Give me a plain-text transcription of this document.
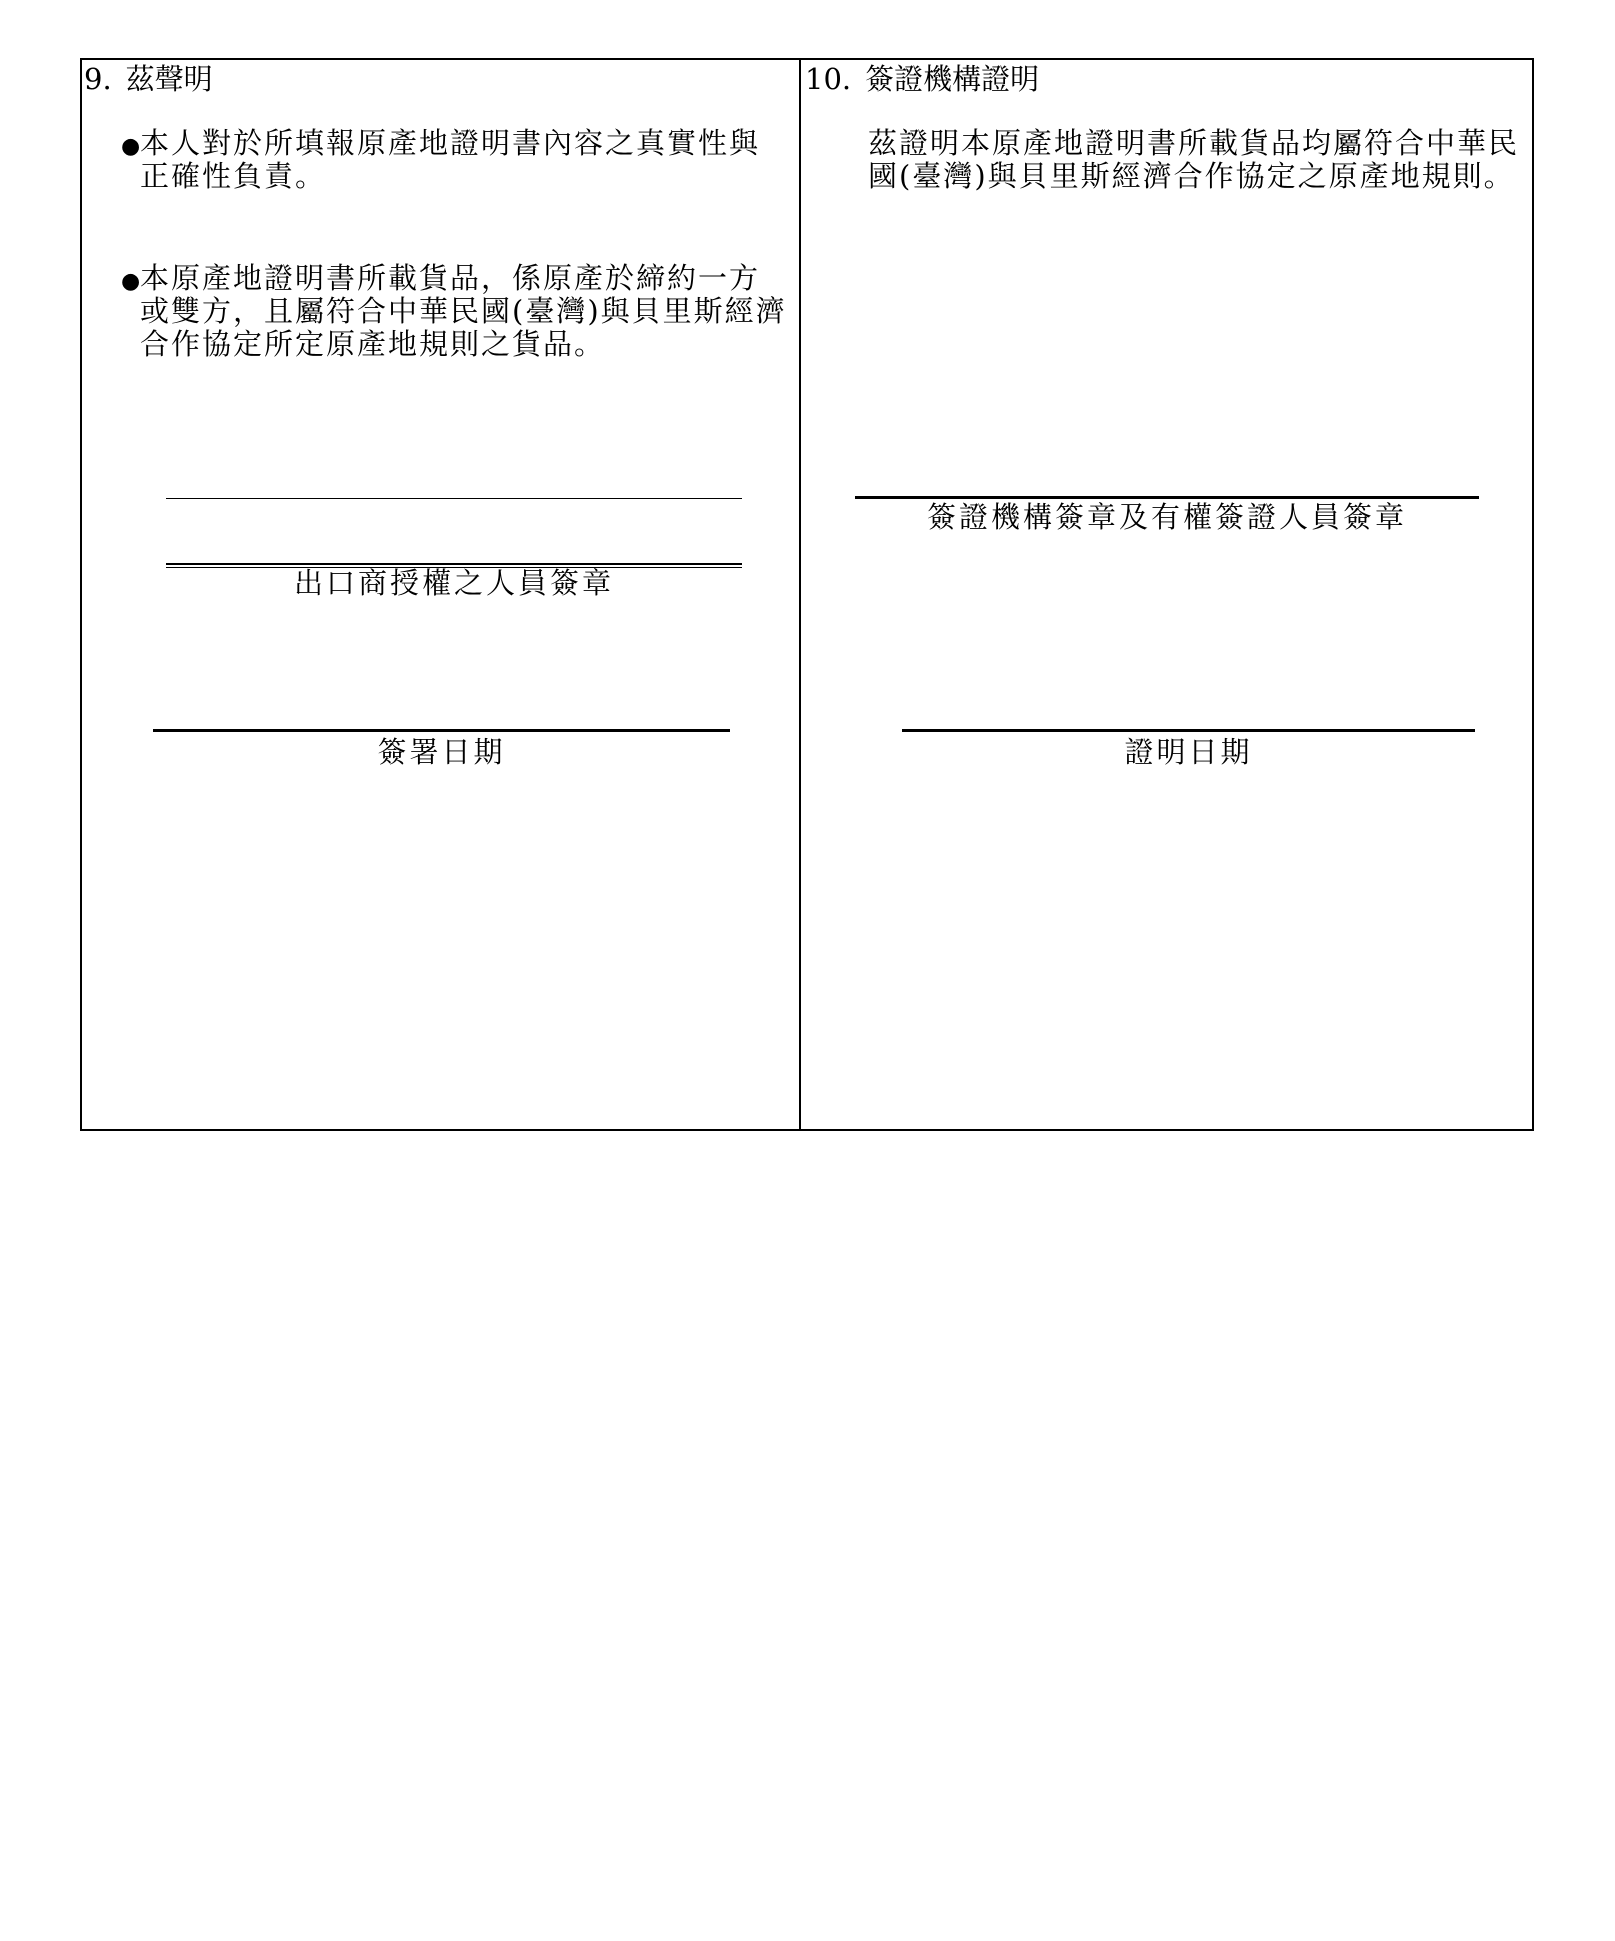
9. 茲聲明
● 本人對於所填報原產地證明書內容之真實性與正確性負責。
● 本原產地證明書所載貨品，係原產於締約一方或雙方，且屬符合中華民國(臺灣)與貝里斯經濟合作協定所定原產地規則之貨品。
出口商授權之人員簽章
簽署日期
10. 簽證機構證明
茲證明本原產地證明書所載貨品均屬符合中華民國(臺灣)與貝里斯經濟合作協定之原產地規則。
簽證機構簽章及有權簽證人員簽章
證明日期
